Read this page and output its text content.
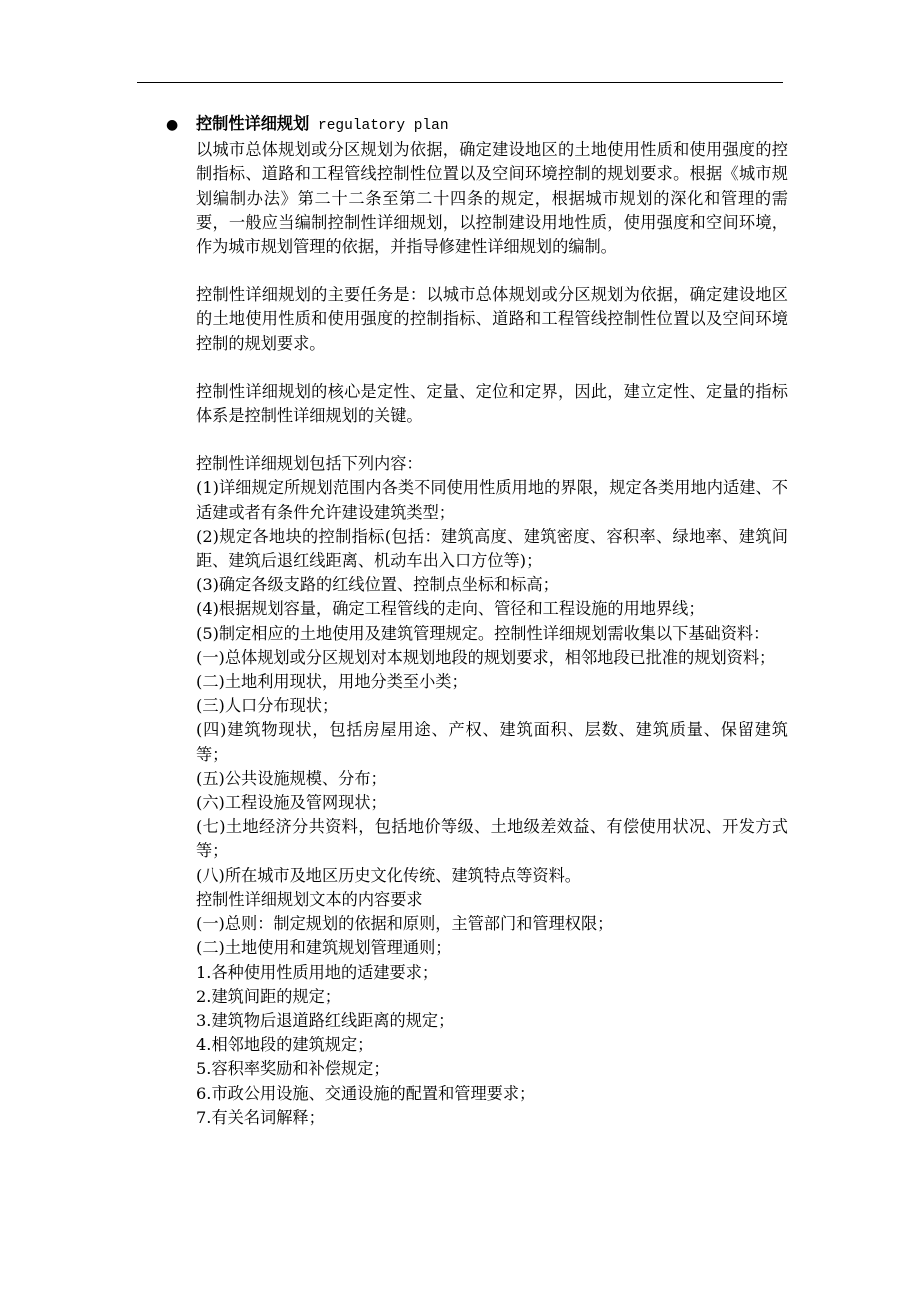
● 控制性详细规划 regulatory plan

以城市总体规划或分区规划为依据，确定建设地区的土地使用性质和使用强度的控制指标、道路和工程管线控制性位置以及空间环境控制的规划要求。根据《城市规划编制办法》第二十二条至第二十四条的规定，根据城市规划的深化和管理的需要，一般应当编制控制性详细规划，以控制建设用地性质，使用强度和空间环境，作为城市规划管理的依据，并指导修建性详细规划的编制。

控制性详细规划的主要任务是：以城市总体规划或分区规划为依据，确定建设地区的土地使用性质和使用强度的控制指标、道路和工程管线控制性位置以及空间环境控制的规划要求。

控制性详细规划的核心是定性、定量、定位和定界，因此，建立定性、定量的指标体系是控制性详细规划的关键。

控制性详细规划包括下列内容：

(1)详细规定所规划范围内各类不同使用性质用地的界限，规定各类用地内适建、不适建或者有条件允许建设建筑类型；

(2)规定各地块的控制指标(包括：建筑高度、建筑密度、容积率、绿地率、建筑间距、建筑后退红线距离、机动车出入口方位等)；

(3)确定各级支路的红线位置、控制点坐标和标高；

(4)根据规划容量，确定工程管线的走向、管径和工程设施的用地界线；

(5)制定相应的土地使用及建筑管理规定。控制性详细规划需收集以下基础资料：

(一)总体规划或分区规划对本规划地段的规划要求，相邻地段已批准的规划资料；

(二)土地利用现状，用地分类至小类；

(三)人口分布现状；

(四)建筑物现状，包括房屋用途、产权、建筑面积、层数、建筑质量、保留建筑等；

(五)公共设施规模、分布；

(六)工程设施及管网现状；

(七)土地经济分共资料，包括地价等级、土地级差效益、有偿使用状况、开发方式等；

(八)所在城市及地区历史文化传统、建筑特点等资料。

控制性详细规划文本的内容要求

(一)总则：制定规划的依据和原则，主管部门和管理权限；

(二)土地使用和建筑规划管理通则；

1.各种使用性质用地的适建要求；

2.建筑间距的规定；

3.建筑物后退道路红线距离的规定；

4.相邻地段的建筑规定；

5.容积率奖励和补偿规定；

6.市政公用设施、交通设施的配置和管理要求；

7.有关名词解释；
